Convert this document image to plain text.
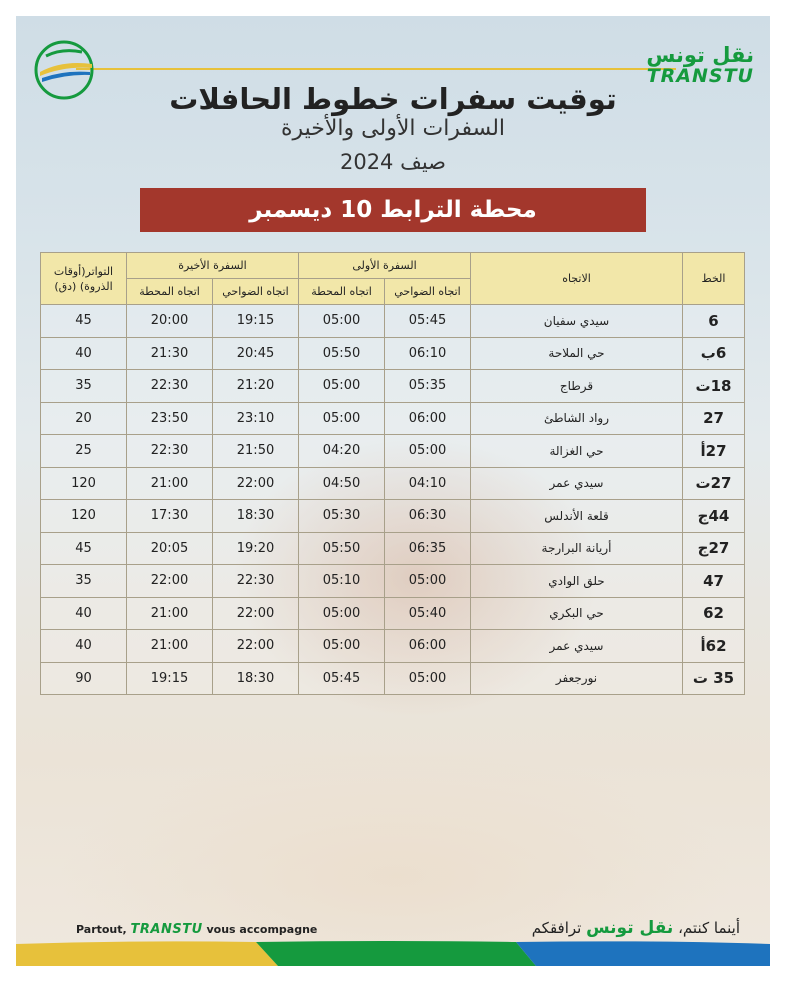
نقل تونس
TRANSTU
توقيت سفرات خطوط الحافلات
السفرات الأولى والأخيرة
صيف 2024
محطة الترابط 10 ديسمبر
الخط	الاتجاه	السفرة الأولى		السفرة الأخيرة		التواتر(أوقات الذروة) (دق)
		اتجاه الضواحي	اتجاه المحطة	اتجاه الضواحي	اتجاه المحطة	
6	سيدي سفيان	05:45	05:00	19:15	20:00	45
6ب	حي الملاحة	06:10	05:50	20:45	21:30	40
18ت	قرطاج	05:35	05:00	21:20	22:30	35
27	رواد الشاطئ	06:00	05:00	23:10	23:50	20
27أ	حي الغزالة	05:00	04:20	21:50	22:30	25
27ت	سيدي عمر	04:10	04:50	22:00	21:00	120
44ج	قلعة الأندلس	06:30	05:30	18:30	17:30	120
27ج	أريانة البرارجة	06:35	05:50	19:20	20:05	45
47	حلق الوادي	05:00	05:10	22:30	22:00	35
62	حي البكري	05:40	05:00	22:00	21:00	40
62أ	سيدي عمر	06:00	05:00	22:00	21:00	40
35 ت	نورجعفر	05:00	05:45	18:30	19:15	90
Partout, TRANSTU vous accompagne	أينما كنتم، نقل تونس ترافقكم
